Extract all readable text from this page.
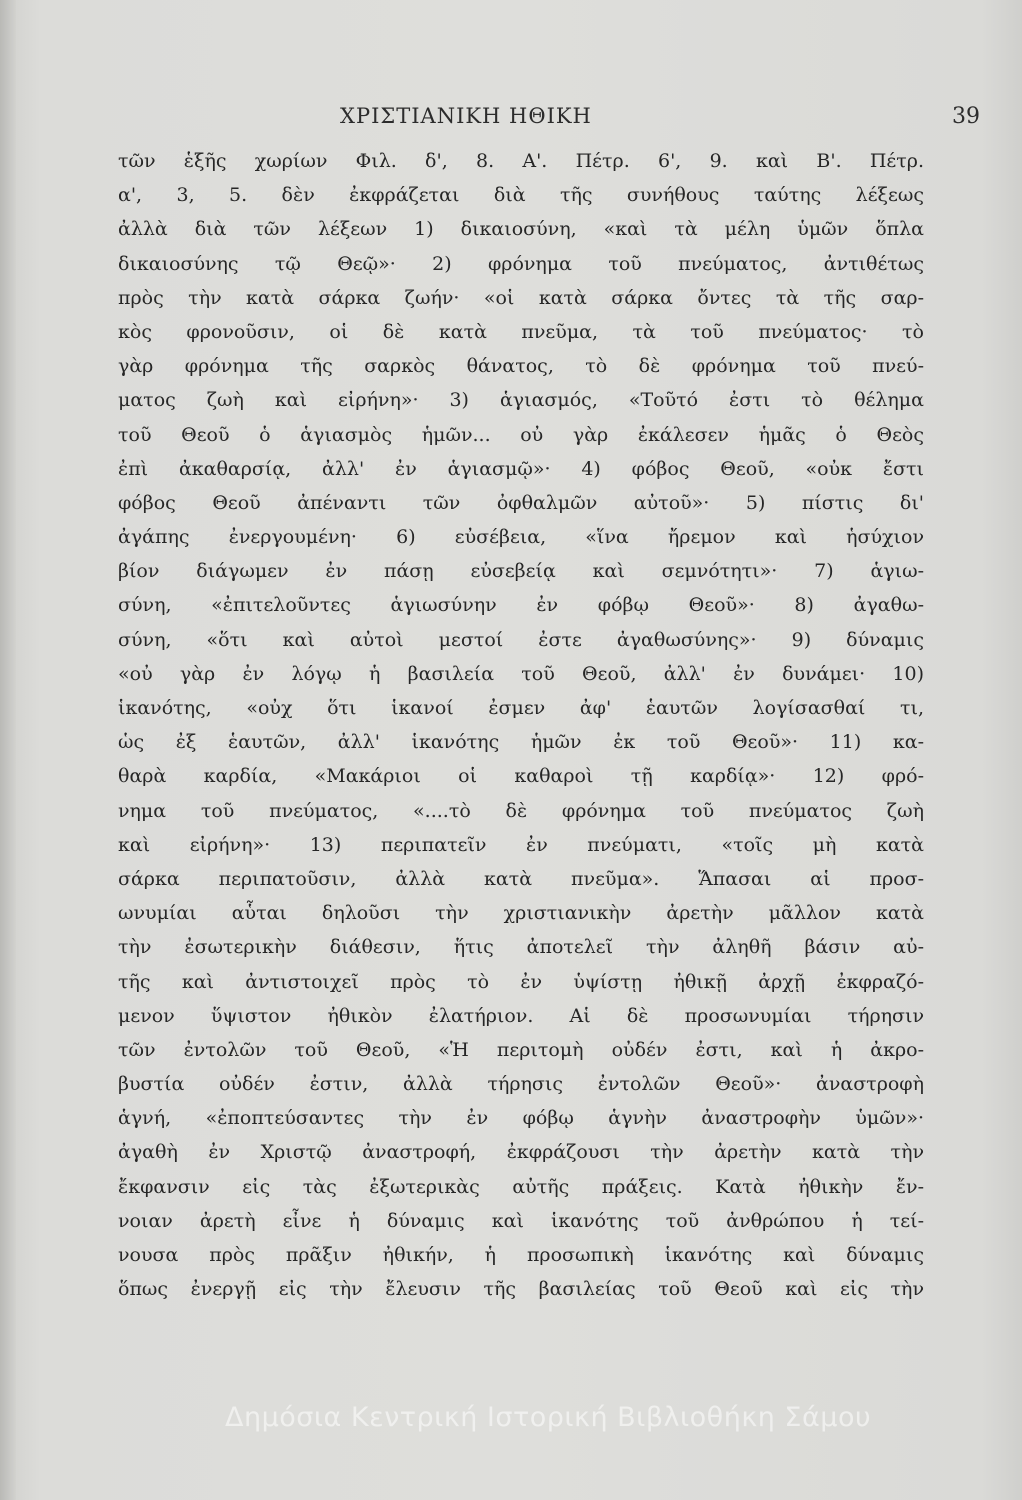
ΧΡΙΣΤΙΑΝΙΚΗ ΗΘΙΚΗ	39
τῶν ἑξῆς χωρίων Φιλ. δ', 8. Α'. Πέτρ. 6', 9. καὶ Β'. Πέτρ.
α', 3, 5. δὲν ἐκφράζεται διὰ τῆς συνήθους ταύτης λέξεως
ἀλλὰ διὰ τῶν λέξεων 1) δικαιοσύνη, «καὶ τὰ μέλη ὑμῶν ὅπλα
δικαιοσύνης τῷ Θεῷ»· 2) φρόνημα τοῦ πνεύματος, ἀντιθέτως
πρὸς τὴν κατὰ σάρκα ζωήν· «οἱ κατὰ σάρκα ὄντες τὰ τῆς σαρ-
κὸς φρονοῦσιν, οἱ δὲ κατὰ πνεῦμα, τὰ τοῦ πνεύματος· τὸ
γὰρ φρόνημα τῆς σαρκὸς θάνατος, τὸ δὲ φρόνημα τοῦ πνεύ-
ματος ζωὴ καὶ εἰρήνη»· 3) ἁγιασμός, «Τοῦτό ἐστι τὸ θέλημα
τοῦ Θεοῦ ὁ ἁγιασμὸς ἡμῶν... οὐ γὰρ ἐκάλεσεν ἡμᾶς ὁ Θεὸς
ἐπὶ ἀκαθαρσίᾳ, ἀλλ' ἐν ἁγιασμῷ»· 4) φόβος Θεοῦ, «οὐκ ἔστι
φόβος Θεοῦ ἀπέναντι τῶν ὀφθαλμῶν αὐτοῦ»· 5) πίστις δι'
ἀγάπης ἐνεργουμένη· 6) εὐσέβεια, «ἵνα ἤρεμον καὶ ἡσύχιον
βίον διάγωμεν ἐν πάσῃ εὐσεβείᾳ καὶ σεμνότητι»· 7) ἁγιω-
σύνη, «ἐπιτελοῦντες ἁγιωσύνην ἐν φόβῳ Θεοῦ»· 8) ἀγαθω-
σύνη, «ὅτι καὶ αὐτοὶ μεστοί ἐστε ἀγαθωσύνης»· 9) δύναμις
«οὐ γὰρ ἐν λόγῳ ἡ βασιλεία τοῦ Θεοῦ, ἀλλ' ἐν δυνάμει· 10)
ἱκανότης, «οὐχ ὅτι ἱκανοί ἐσμεν ἀφ' ἑαυτῶν λογίσασθαί τι,
ὡς ἐξ ἑαυτῶν, ἀλλ' ἱκανότης ἡμῶν ἐκ τοῦ Θεοῦ»· 11) κα-
θαρὰ καρδία, «Μακάριοι οἱ καθαροὶ τῇ καρδίᾳ»· 12) φρό-
νημα τοῦ πνεύματος, «....τὸ δὲ φρόνημα τοῦ πνεύματος ζωὴ
καὶ εἰρήνη»· 13) περιπατεῖν ἐν πνεύματι, «τοῖς μὴ κατὰ
σάρκα περιπατοῦσιν, ἀλλὰ κατὰ πνεῦμα». Ἅπασαι αἱ προσ-
ωνυμίαι αὗται δηλοῦσι τὴν χριστιανικὴν ἀρετὴν μᾶλλον κατὰ
τὴν ἐσωτερικὴν διάθεσιν, ἥτις ἀποτελεῖ τὴν ἀληθῆ βάσιν αὐ-
τῆς καὶ ἀντιστοιχεῖ πρὸς τὸ ἐν ὑψίστῃ ἠθικῇ ἀρχῇ ἐκφραζό-
μενον ὕψιστον ἠθικὸν ἐλατήριον. Αἱ δὲ προσωνυμίαι τήρησιν
τῶν ἐντολῶν τοῦ Θεοῦ, «Ἡ περιτομὴ οὐδέν ἐστι, καὶ ἡ ἀκρο-
βυστία οὐδέν ἐστιν, ἀλλὰ τήρησις ἐντολῶν Θεοῦ»· ἀναστροφὴ
ἁγνή, «ἐποπτεύσαντες τὴν ἐν φόβῳ ἁγνὴν ἀναστροφὴν ὑμῶν»·
ἀγαθὴ ἐν Χριστῷ ἀναστροφή, ἐκφράζουσι τὴν ἀρετὴν κατὰ τὴν
ἔκφανσιν εἰς τὰς ἐξωτερικὰς αὐτῆς πράξεις. Κατὰ ἠθικὴν ἔν-
νοιαν ἀρετὴ εἶνε ἡ δύναμις καὶ ἱκανότης τοῦ ἀνθρώπου ἡ τεί-
νουσα πρὸς πρᾶξιν ἠθικήν, ἡ προσωπικὴ ἱκανότης καὶ δύναμις
ὅπως ἐνεργῇ εἰς τὴν ἔλευσιν τῆς βασιλείας τοῦ Θεοῦ καὶ εἰς τὴν
Δημόσια Κεντρική Ιστορική Βιβλιοθήκη Σάμου
